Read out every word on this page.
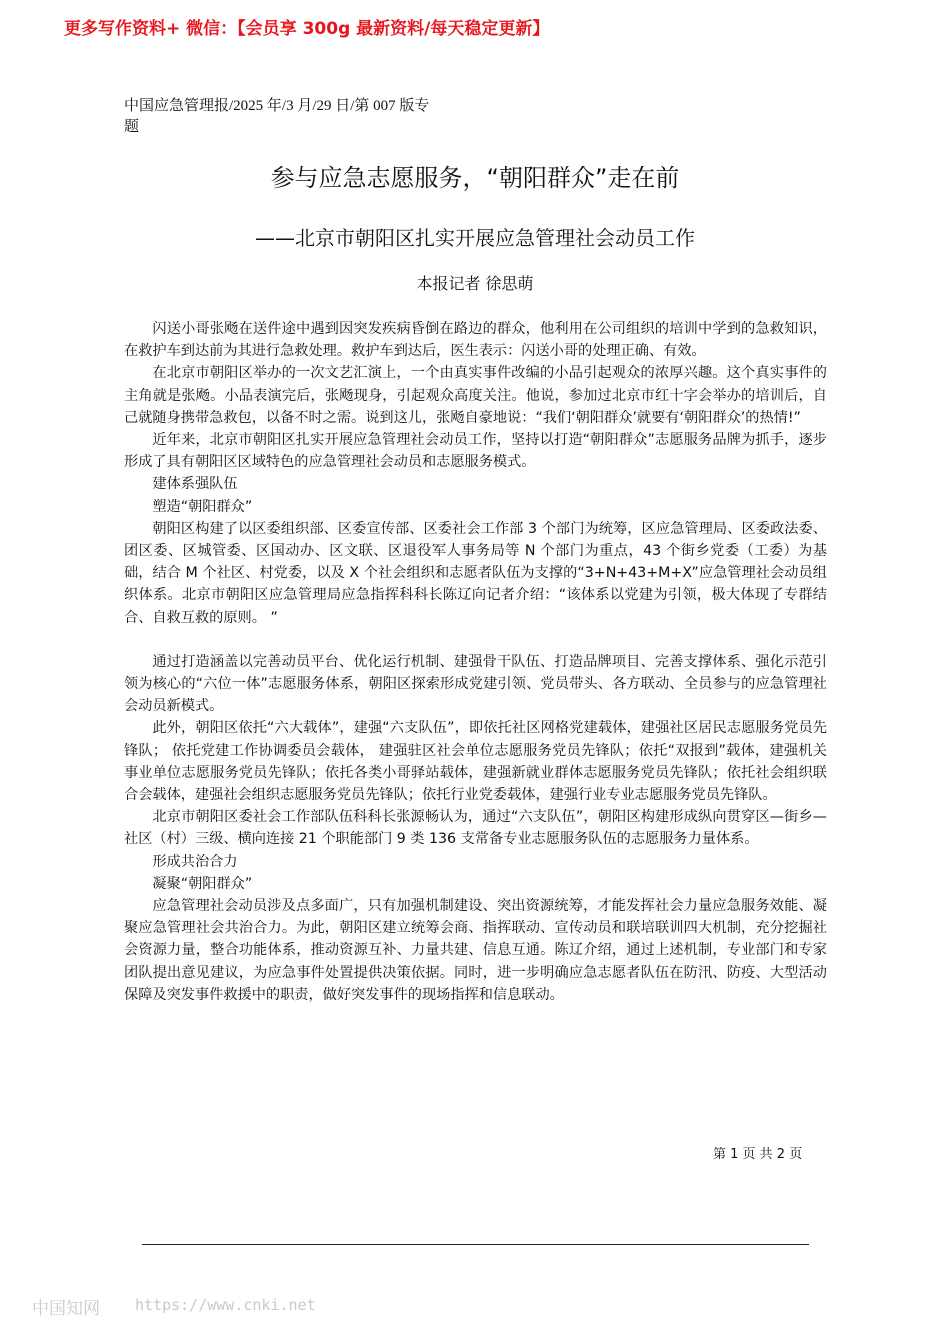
更多写作资料+ 微信：【会员享 300g 最新资料/每天稳定更新】
中国应急管理报/2025 年/3 月/29 日/第 007 版专题
参与应急志愿服务，“朝阳群众”走在前
——北京市朝阳区扎实开展应急管理社会动员工作
本报记者 徐思萌

闪送小哥张飏在送件途中遇到因突发疾病昏倒在路边的群众，他利用在公司组织的培训中学到的急救知识，在救护车到达前为其进行急救处理。救护车到达后，医生表示：闪送小哥的处理正确、有效。

在北京市朝阳区举办的一次文艺汇演上，一个由真实事件改编的小品引起观众的浓厚兴趣。这个真实事件的主角就是张飏。小品表演完后，张飏现身，引起观众高度关注。他说，参加过北京市红十字会举办的培训后，自己就随身携带急救包，以备不时之需。说到这儿，张飏自豪地说：“我们‘朝阳群众’就要有‘朝阳群众’的热情!”

近年来，北京市朝阳区扎实开展应急管理社会动员工作，坚持以打造“朝阳群众”志愿服务品牌为抓手，逐步形成了具有朝阳区区域特色的应急管理社会动员和志愿服务模式。

建体系强队伍

塑造“朝阳群众”

朝阳区构建了以区委组织部、区委宣传部、区委社会工作部 3 个部门为统筹，区应急管理局、区委政法委、团区委、区城管委、区国动办、区文联、区退役军人事务局等 N 个部门为重点，43 个街乡党委（工委）为基础，结合 M 个社区、村党委，以及 X 个社会组织和志愿者队伍为支撑的“3+N+43+M+X”应急管理社会动员组织体系。北京市朝阳区应急管理局应急指挥科科长陈辽向记者介绍：“该体系以党建为引领，极大体现了专群结合、自救互救的原则。 ”

通过打造涵盖以完善动员平台、优化运行机制、建强骨干队伍、打造品牌项目、完善支撑体系、强化示范引领为核心的“六位一体”志愿服务体系，朝阳区探索形成党建引领、党员带头、各方联动、全员参与的应急管理社会动员新模式。

此外，朝阳区依托“六大载体”，建强“六支队伍”，即依托社区网格党建载体，建强社区居民志愿服务党员先锋队； 依托党建工作协调委员会载体， 建强驻区社会单位志愿服务党员先锋队；依托“双报到”载体，建强机关事业单位志愿服务党员先锋队；依托各类小哥驿站载体，建强新就业群体志愿服务党员先锋队；依托社会组织联合会载体，建强社会组织志愿服务党员先锋队；依托行业党委载体，建强行业专业志愿服务党员先锋队。

北京市朝阳区委社会工作部队伍科科长张源畅认为，通过“六支队伍”，朝阳区构建形成纵向贯穿区—街乡—社区（村）三级、横向连接 21 个职能部门 9 类 136 支常备专业志愿服务队伍的志愿服务力量体系。

形成共治合力

凝聚“朝阳群众”

应急管理社会动员涉及点多面广，只有加强机制建设、突出资源统筹，才能发挥社会力量应急服务效能、凝聚应急管理社会共治合力。为此，朝阳区建立统筹会商、指挥联动、宣传动员和联培联训四大机制，充分挖掘社会资源力量，整合功能体系，推动资源互补、力量共建、信息互通。陈辽介绍，通过上述机制，专业部门和专家团队提出意见建议，为应急事件处置提供决策依据。同时，进一步明确应急志愿者队伍在防汛、防疫、大型活动保障及突发事件救援中的职责，做好突发事件的现场指挥和信息联动。

第 1 页 共 2 页
中国知网 https://www.cnki.net
